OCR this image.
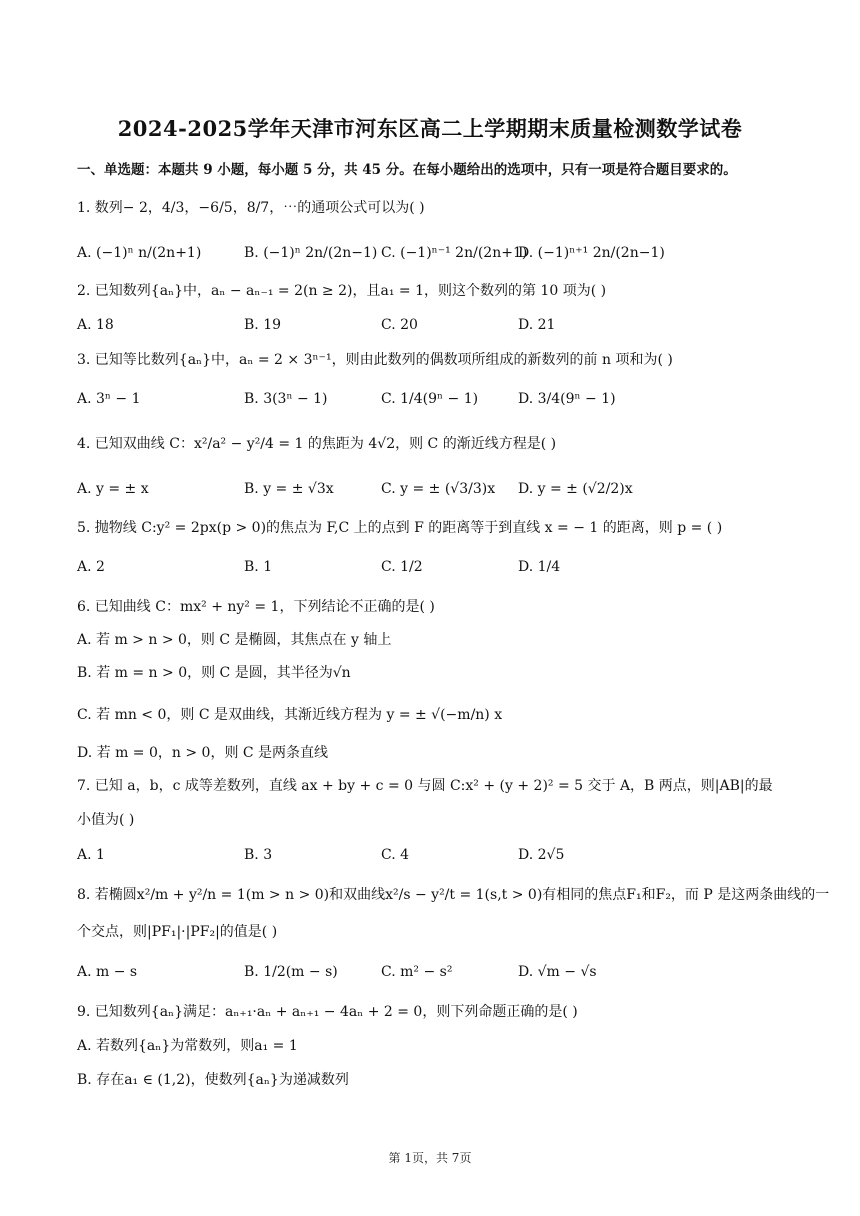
2024-2025学年天津市河东区高二上学期期末质量检测数学试卷
一、单选题：本题共 9 小题，每小题 5 分，共 45 分。在每小题给出的选项中，只有一项是符合题目要求的。
1. 数列− 2，4/3，−6/5，8/7，⋯的通项公式可以为( )
A. (−1)ⁿ n/(2n+1)	B. (−1)ⁿ 2n/(2n−1) C. (−1)ⁿ⁻¹ 2n/(2n+1)
D. (−1)ⁿ⁺¹ 2n/(2n−1)
2. 已知数列{aₙ}中，aₙ − aₙ₋₁ = 2(n ≥ 2)，且a₁ = 1，则这个数列的第 10 项为( )
A. 18	B. 19	C. 20	D. 21
3. 已知等比数列{aₙ}中，aₙ = 2 × 3ⁿ⁻¹，则由此数列的偶数项所组成的新数列的前 n 项和为( )
A. 3ⁿ − 1	B. 3(3ⁿ − 1)	C. 1/4(9ⁿ − 1)	D. 3/4(9ⁿ − 1)
4. 已知双曲线 C：x²/a² − y²/4 = 1 的焦距为 4√2，则 C 的渐近线方程是( )
A. y = ± x	B. y = ± √3x	C. y = ± (√3/3)x D. y = ± (√2/2)x
5. 抛物线 C:y² = 2px(p > 0)的焦点为 F,C 上的点到 F 的距离等于到直线 x = − 1 的距离，则 p = ( )
A. 2	B. 1	C. 1/2	D. 1/4
6. 已知曲线 C：mx² + ny² = 1，下列结论不正确的是( )
A. 若 m > n > 0，则 C 是椭圆，其焦点在 y 轴上
B. 若 m = n > 0，则 C 是圆，其半径为√n
C. 若 mn < 0，则 C 是双曲线，其渐近线方程为 y = ± √(−m/n) x
D. 若 m = 0，n > 0，则 C 是两条直线
7. 已知 a，b，c 成等差数列，直线 ax + by + c = 0 与圆 C:x² + (y + 2)² = 5 交于 A，B 两点，则|AB|的最
小值为( )
A. 1	B. 3	C. 4	D. 2√5
8. 若椭圆x²/m + y²/n = 1(m > n > 0)和双曲线x²/s − y²/t = 1(s,t > 0)有相同的焦点F₁和F₂，而 P 是这两条曲线的一
个交点，则|PF₁|·|PF₂|的值是( )
A. m − s	B. 1/2(m − s)	C. m² − s²	D. √m − √s
9. 已知数列{aₙ}满足：aₙ₊₁·aₙ + aₙ₊₁ − 4aₙ + 2 = 0，则下列命题正确的是( )
A. 若数列{aₙ}为常数列，则a₁ = 1
B. 存在a₁ ∈ (1,2)，使数列{aₙ}为递减数列
第 1页，共 7页
